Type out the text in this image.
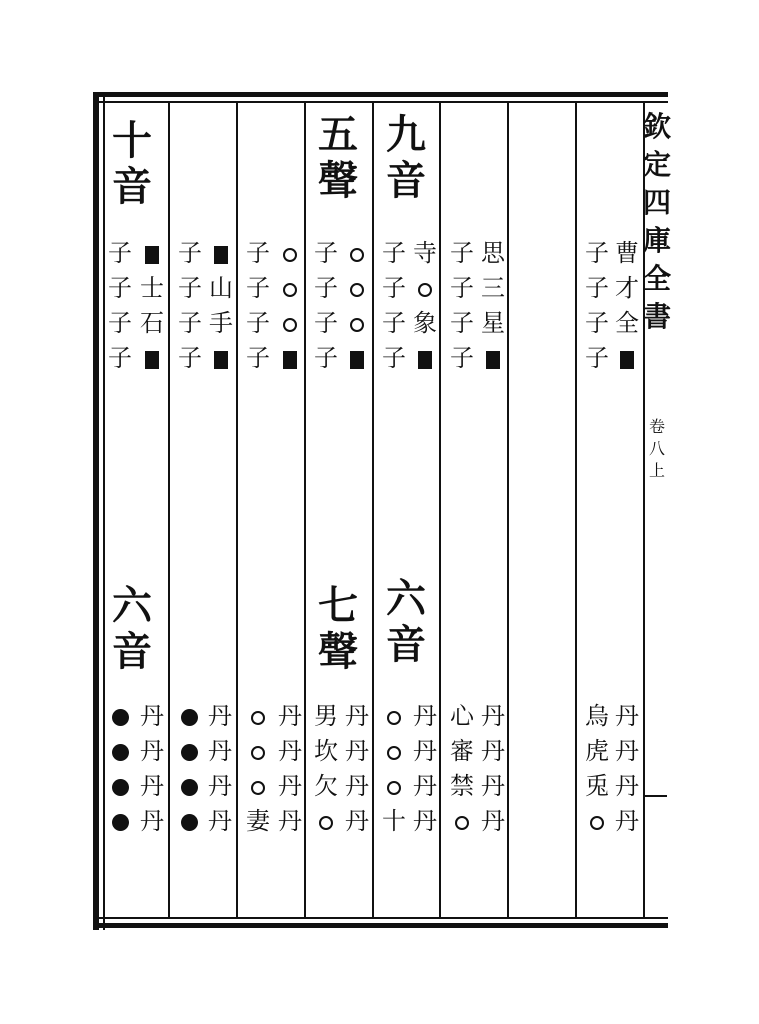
欽
定
四
庫
全
書
卷
八
上
十
音
子
子
子
子
士
石
子
子
子
子
山
手
子
子
子
子
五
聲
子
子
子
子
九
音
子
子
子
子
寺
象
子
子
子
子
思
三
星
子
子
子
子
曹
才
全
六
音
丹
丹
丹
丹
丹
丹
丹
丹 妻
丹
丹
丹
丹
七
聲
男
坎
欠
丹
丹
丹
丹
六
音
十
丹
丹
丹
丹
心
審
禁
丹
丹
丹
丹
烏
虎
兎
丹
丹
丹
丹
